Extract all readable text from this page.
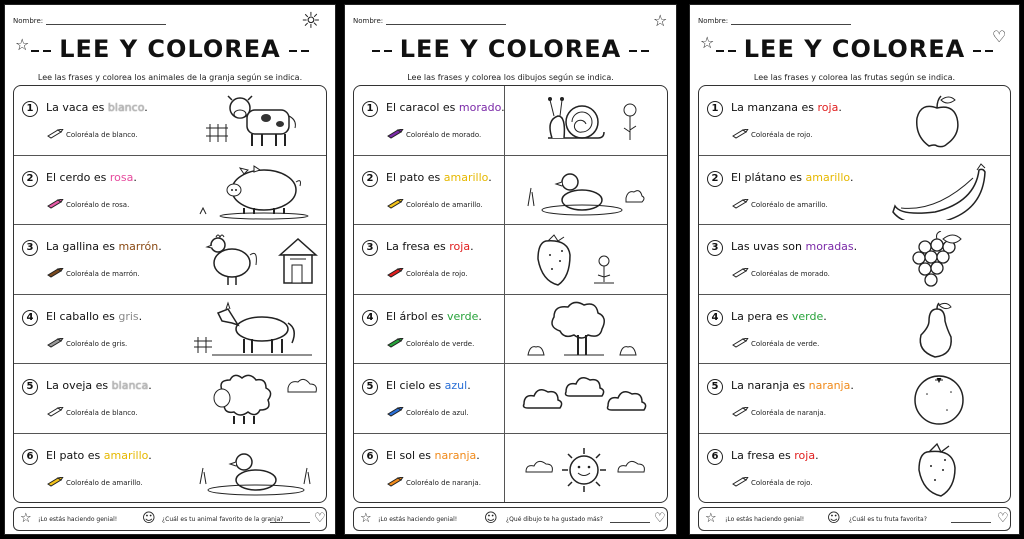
Nombre:
☆
☼
LEE Y COLOREA
Lee las frases y colorea los animales de la granja según se indica.
1	La vaca es blanco.
Coloréala de blanco.
2	El cerdo es rosa.
Coloréalo de rosa.
3	La gallina es marrón.
Coloréala de marrón.
4	El caballo es gris.
Coloréalo de gris.
5	La oveja es blanca.
Coloréala de blanco.
6	El pato es amarillo.
Coloréalo de amarillo.
☆ ¡Lo estás haciendo genial! ☺ ¿Cuál es tu animal favorito de la granja? ♡
Nombre:	☆
LEE Y COLOREA
Lee las frases y colorea los dibujos según se indica.
1	El caracol es morado.
Coloréalo de morado.
2	El pato es amarillo.
Coloréalo de amarillo.
3	La fresa es roja.
Coloréala de rojo.
4	El árbol es verde.
Coloréalo de verde.
5	El cielo es azul.
Coloréalo de azul.
6	El sol es naranja.
Coloréalo de naranja.
☆ ¡Lo estás haciendo genial! ☺ ¿Qué dibujo te ha gustado más?	♡
Nombre:
☆	♡
LEE Y COLOREA
Lee las frases y colorea las frutas según se indica.
1	La manzana es roja.
Coloréala de rojo.
2	El plátano es amarillo.
Coloréalo de amarillo.
3	Las uvas son moradas.
Coloréalas de morado.
4	La pera es verde.
Coloréala de verde.
5	La naranja es naranja.
Coloréala de naranja.
6	La fresa es roja.
Coloréala de rojo.
☆ ¡Lo estás haciendo genial! ☺ ¿Cuál es tu fruta favorita?	♡
